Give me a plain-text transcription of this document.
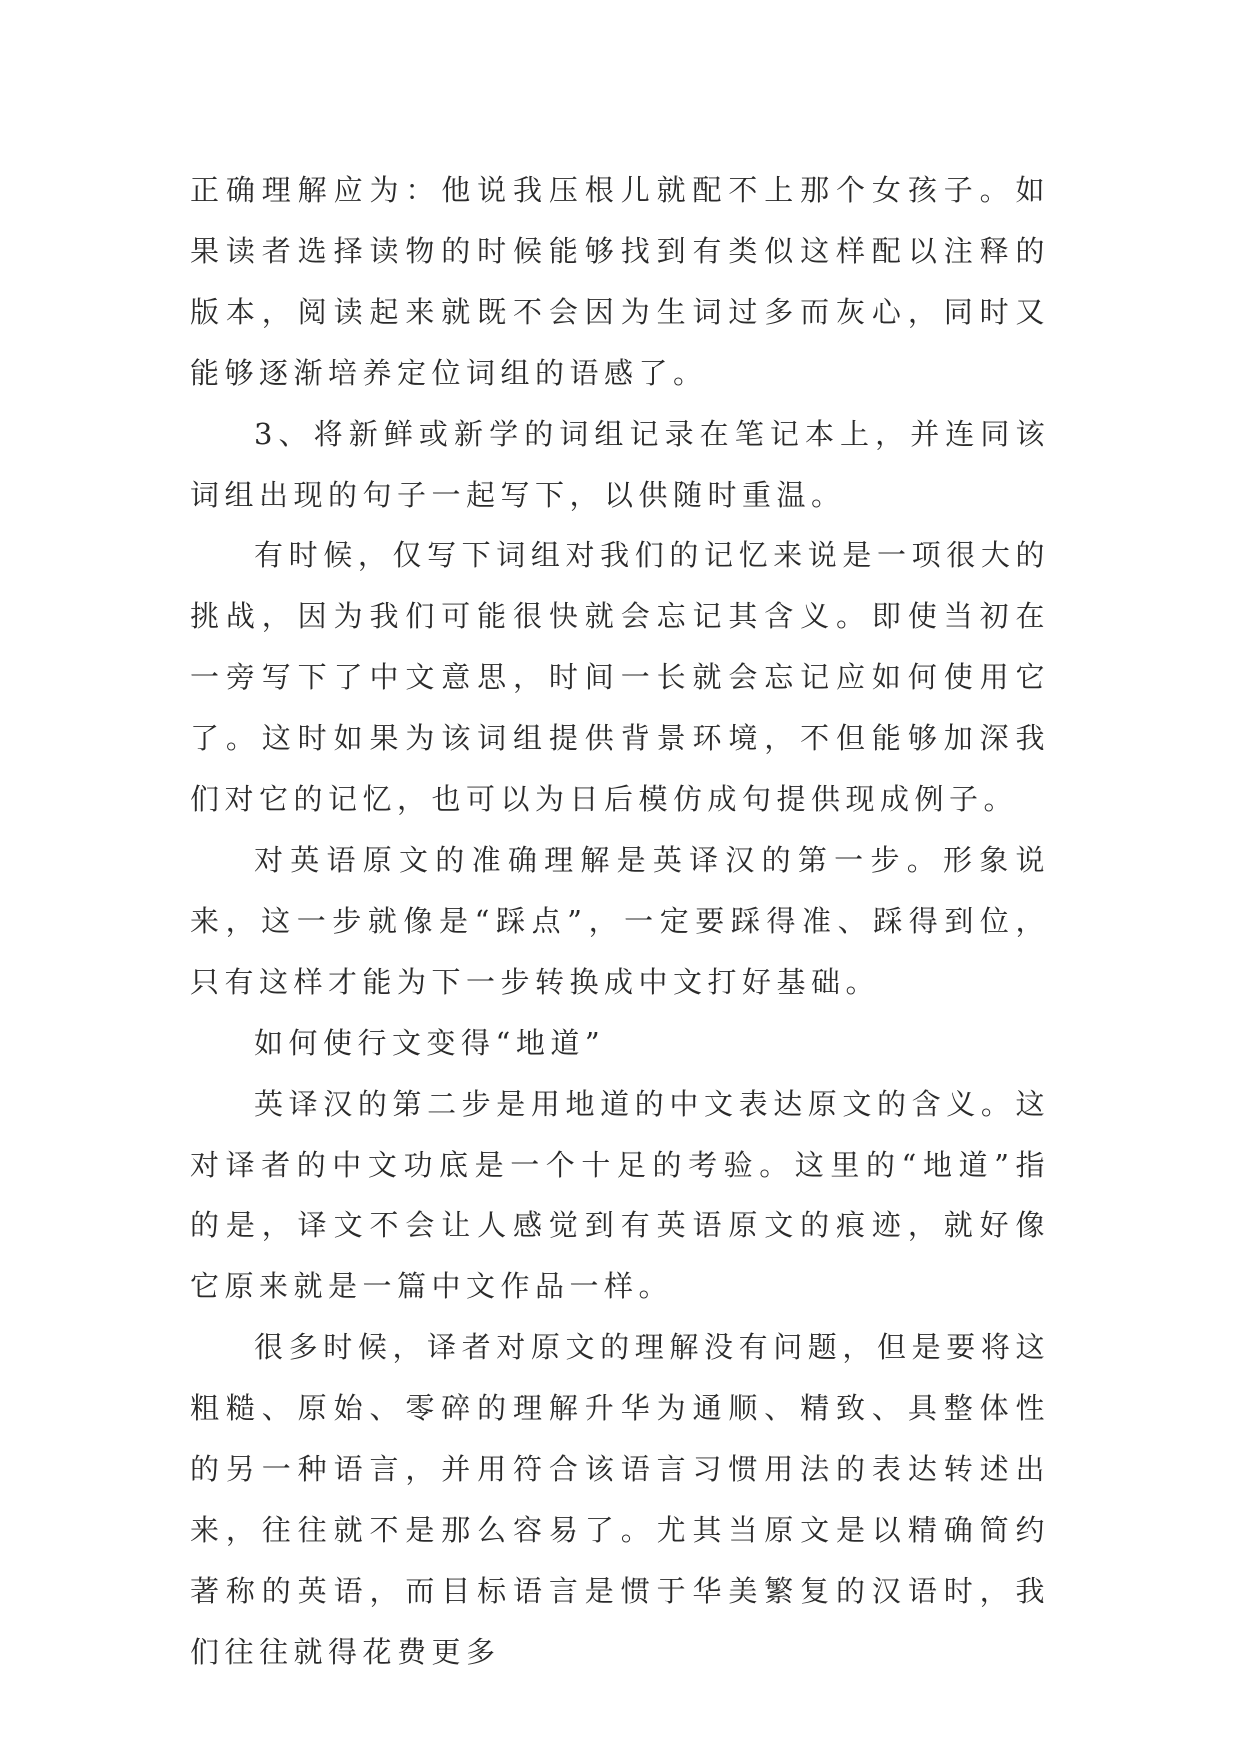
正确理解应为：他说我压根儿就配不上那个女孩子。如果读者选择读物的时候能够找到有类似这样配以注释的版本，阅读起来就既不会因为生词过多而灰心，同时又能够逐渐培养定位词组的语感了。

3、将新鲜或新学的词组记录在笔记本上，并连同该词组出现的句子一起写下，以供随时重温。

有时候，仅写下词组对我们的记忆来说是一项很大的挑战，因为我们可能很快就会忘记其含义。即使当初在一旁写下了中文意思，时间一长就会忘记应如何使用它了。这时如果为该词组提供背景环境，不但能够加深我们对它的记忆，也可以为日后模仿成句提供现成例子。

对英语原文的准确理解是英译汉的第一步。形象说来，这一步就像是“踩点”，一定要踩得准、踩得到位，只有这样才能为下一步转换成中文打好基础。

如何使行文变得“地道”

英译汉的第二步是用地道的中文表达原文的含义。这对译者的中文功底是一个十足的考验。这里的“地道”指的是，译文不会让人感觉到有英语原文的痕迹，就好像它原来就是一篇中文作品一样。

很多时候，译者对原文的理解没有问题，但是要将这粗糙、原始、零碎的理解升华为通顺、精致、具整体性的另一种语言，并用符合该语言习惯用法的表达转述出来，往往就不是那么容易了。尤其当原文是以精确简约著称的英语，而目标语言是惯于华美繁复的汉语时，我们往往就得花费更多
